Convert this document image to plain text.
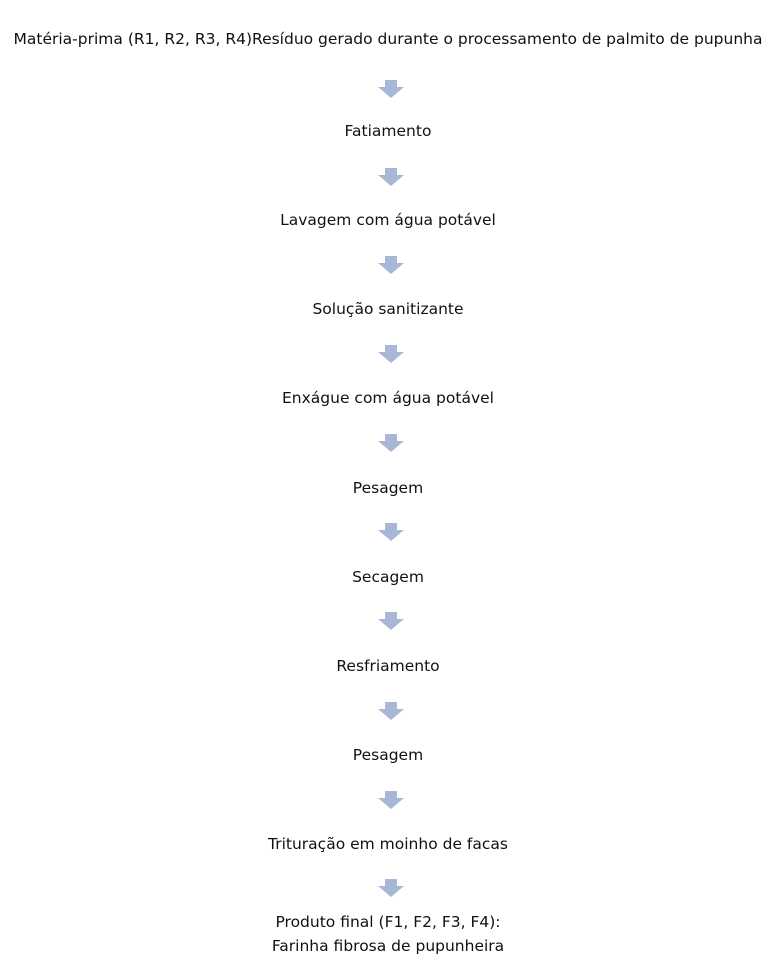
Matéria-prima (R1, R2, R3, R4)Resíduo gerado durante o processamento de palmito de pupunha
Fatiamento
Lavagem com água potável
Solução sanitizante
Enxágue com água potável
Pesagem
Secagem
Resfriamento
Pesagem
Trituração em moinho de facas
Produto final (F1, F2, F3, F4):
Farinha fibrosa de pupunheira
